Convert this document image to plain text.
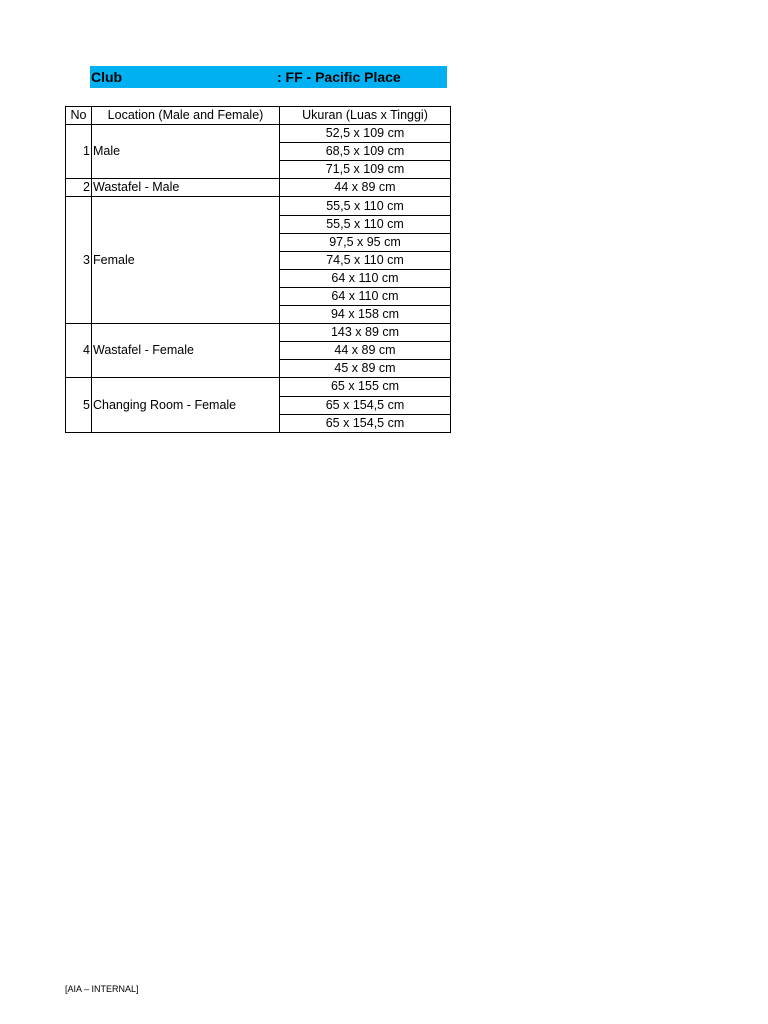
Club	: FF - Pacific Place
No	Location (Male and Female)	Ukuran (Luas x Tinggi)
1	Male	52,5 x 109 cm
		68,5 x 109 cm
		71,5 x 109 cm
2	Wastafel - Male	44 x 89 cm
3	Female	55,5 x 110 cm
		55,5 x 110 cm
		97,5 x 95 cm
		74,5 x 110 cm
		64 x 110 cm
		64 x 110 cm
		94 x 158 cm
4	Wastafel - Female	143 x 89 cm
		44 x 89 cm
		45 x 89 cm
5	Changing Room - Female	65 x 155 cm
		65 x 154,5 cm
		65 x 154,5 cm
[AIA – INTERNAL]
